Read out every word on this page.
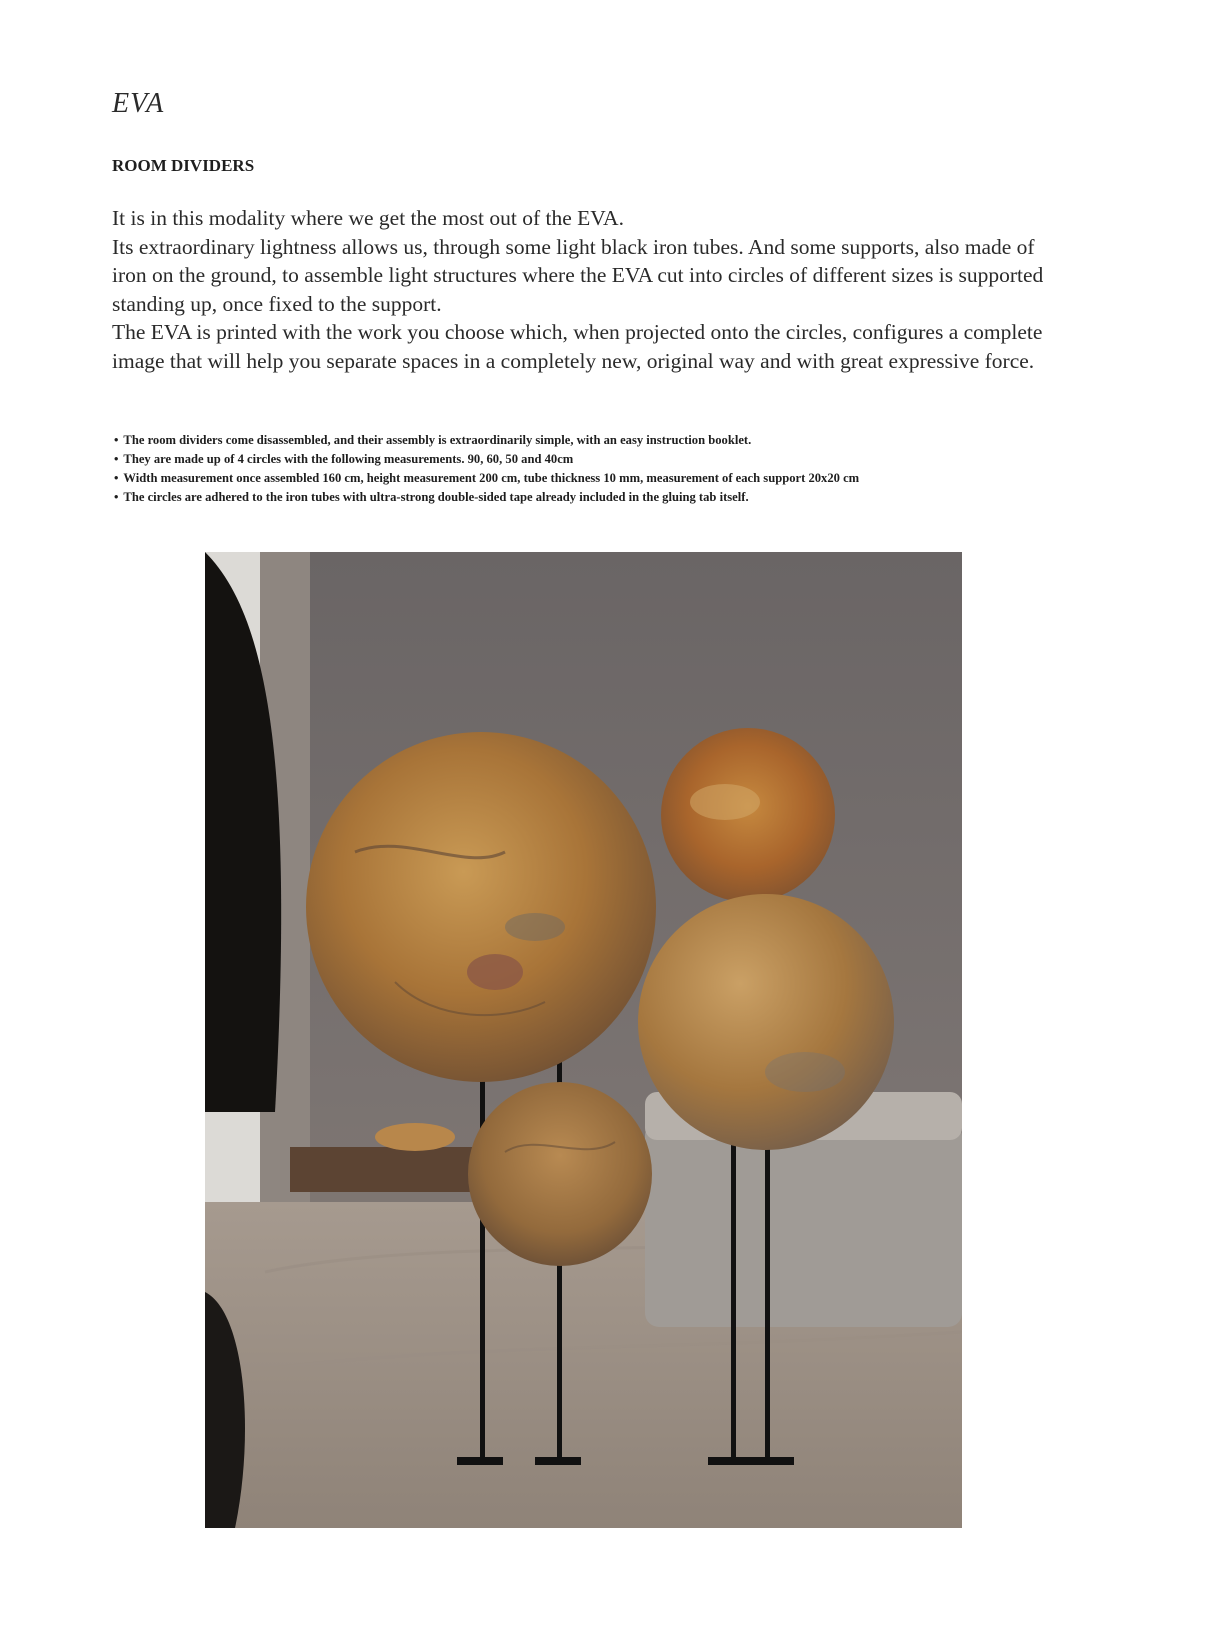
EVA
ROOM DIVIDERS

It is in this modality where we get the most out of the EVA.

Its extraordinary lightness allows us, through some light black iron tubes. And some supports, also made of iron on the ground, to assemble light structures where the EVA cut into circles of different sizes is supported standing up, once fixed to the support.

The EVA is printed with the work you choose which, when projected onto the circles, configures a complete image that will help you separate spaces in a completely new, original way and with great expressive force.

• The room dividers come disassembled, and their assembly is extraordinarily simple, with an easy instruction booklet.
• They are made up of 4 circles with the following measurements. 90, 60, 50 and 40cm
• Width measurement once assembled 160 cm, height measurement 200 cm, tube thickness 10 mm, measurement of each support 20x20 cm
• The circles are adhered to the iron tubes with ultra-strong double-sided tape already included in the gluing tab itself.
